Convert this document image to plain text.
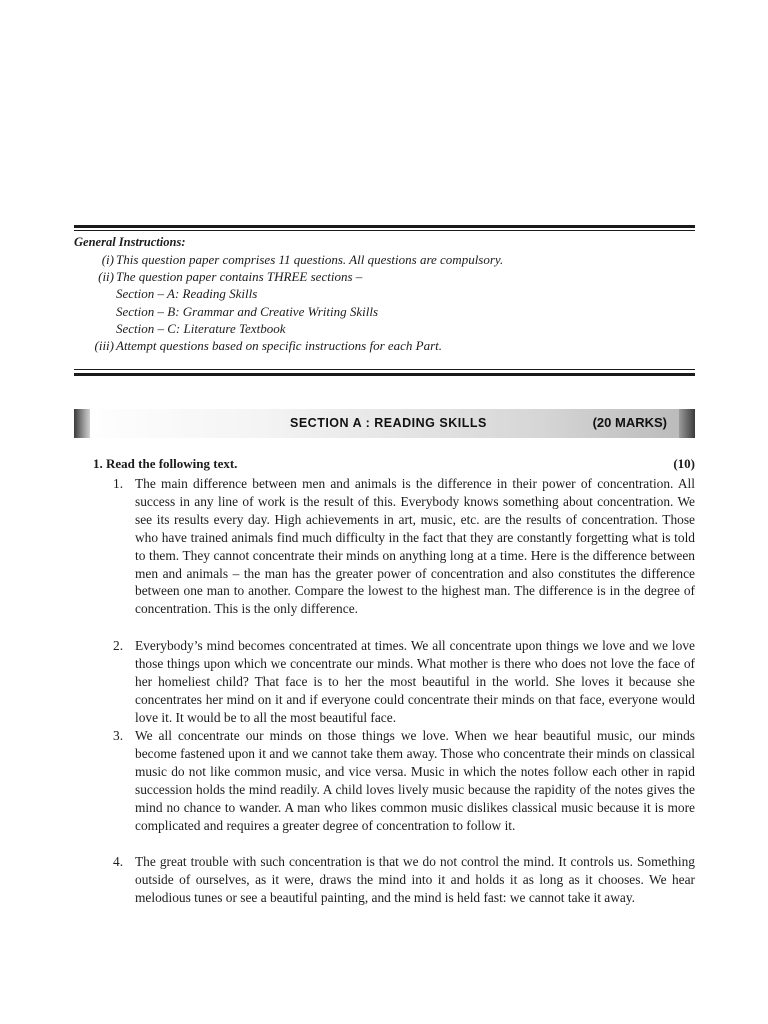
General Instructions:
(i) This question paper comprises 11 questions. All questions are compulsory.
(ii) The question paper contains THREE sections –
Section – A: Reading Skills
Section – B: Grammar and Creative Writing Skills
Section – C: Literature Textbook
(iii) Attempt questions based on specific instructions for each Part.
SECTION A : READING SKILLS	(20 MARKS)
1. Read the following text.	(10)
1. The main difference between men and animals is the difference in their power of concentration. All success in any line of work is the result of this. Everybody knows something about concentration. We see its results every day. High achievements in art, music, etc. are the results of concentration. Those who have trained animals find much difficulty in the fact that they are constantly forgetting what is told to them. They cannot concentrate their minds on anything long at a time. Here is the difference between men and animals – the man has the greater power of concentration and also constitutes the difference between one man to another. Compare the lowest to the highest man. The difference is in the degree of concentration. This is the only difference.
2. Everybody’s mind becomes concentrated at times. We all concentrate upon things we love and we love those things upon which we concentrate our minds. What mother is there who does not love the face of her homeliest child? That face is to her the most beautiful in the world. She loves it because she concentrates her mind on it and if everyone could concentrate their minds on that face, everyone would love it. It would be to all the most beautiful face.
3. We all concentrate our minds on those things we love. When we hear beautiful music, our minds become fastened upon it and we cannot take them away. Those who concentrate their minds on classical music do not like common music, and vice versa. Music in which the notes follow each other in rapid succession holds the mind readily. A child loves lively music because the rapidity of the notes gives the mind no chance to wander. A man who likes common music dislikes classical music because it is more complicated and requires a greater degree of concentration to follow it.
4. The great trouble with such concentration is that we do not control the mind. It controls us. Something outside of ourselves, as it were, draws the mind into it and holds it as long as it chooses. We hear melodious tunes or see a beautiful painting, and the mind is held fast: we cannot take it away.
